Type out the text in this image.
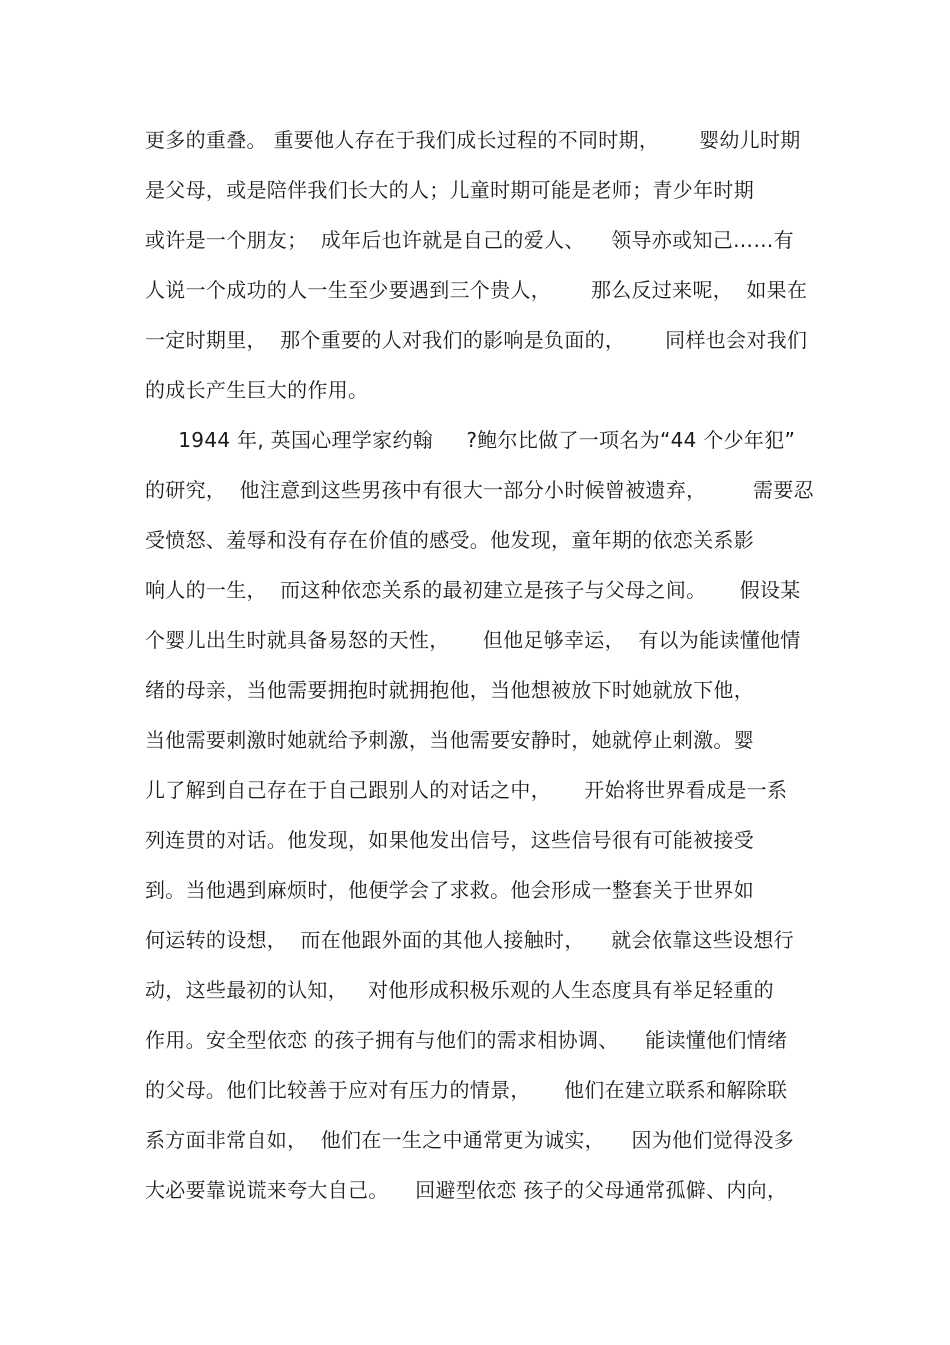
更多的重叠。 重要他人存在于我们成长过程的不同时期，      婴幼儿时期
是父母，或是陪伴我们长大的人；儿童时期可能是老师；青少年时期
或许是一个朋友；  成年后也许就是自己的爱人、    领导亦或知己……有
人说一个成功的人一生至少要遇到三个贵人，      那么反过来呢，  如果在
一定时期里，  那个重要的人对我们的影响是负面的，      同样也会对我们
的成长产生巨大的作用。
1944 年, 英国心理学家约翰     ?鲍尔比做了一项名为“44 个少年犯”
的研究，  他注意到这些男孩中有很大一部分小时候曾被遗弃，       需要忍
受愤怒、羞辱和没有存在价值的感受。他发现，童年期的依恋关系影
响人的一生，  而这种依恋关系的最初建立是孩子与父母之间。     假设某
个婴儿出生时就具备易怒的天性，     但他足够幸运，  有以为能读懂他情
绪的母亲，当他需要拥抱时就拥抱他，当他想被放下时她就放下他，
当他需要刺激时她就给予刺激，当他需要安静时，她就停止刺激。婴
儿了解到自己存在于自己跟别人的对话之中，     开始将世界看成是一系
列连贯的对话。他发现，如果他发出信号，这些信号很有可能被接受
到。当他遇到麻烦时，他便学会了求救。他会形成一整套关于世界如
何运转的设想，  而在他跟外面的其他人接触时，    就会依靠这些设想行
动，这些最初的认知，   对他形成积极乐观的人生态度具有举足轻重的
作用。安全型依恋 的孩子拥有与他们的需求相协调、    能读懂他们情绪
的父母。他们比较善于应对有压力的情景，     他们在建立联系和解除联
系方面非常自如，  他们在一生之中通常更为诚实，    因为他们觉得没多
大必要靠说谎来夸大自己。    回避型依恋 孩子的父母通常孤僻、内向，
